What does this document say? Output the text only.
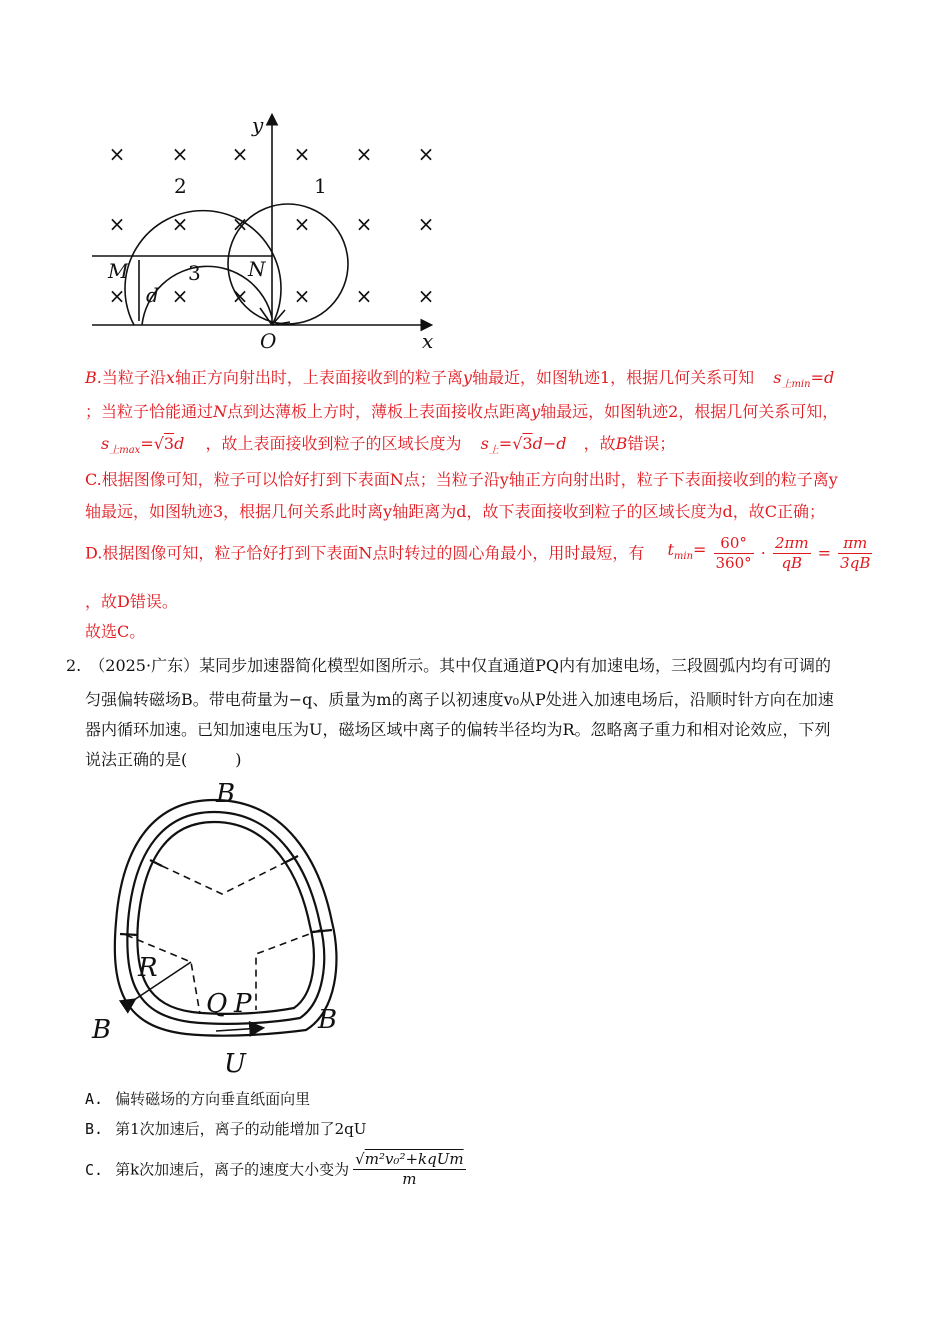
× × × × × ×
× × × × × ×
× × × × × ×
y
x
O
M	N
d
1
2
3
B.当粒子沿x轴正方向射出时，上表面接收到的粒子离y轴最近，如图轨迹1，根据几何关系可知 $s_{上min}=d$
；当粒子恰能通过N点到达薄板上方时，薄板上表面接收点距离y轴最远，如图轨迹2，根据几何关系可知，
$s_{上max}=√3d$ ，故上表面接收到粒子的区域长度为 $s_上=√3d-d$ ，故B错误；
C.根据图像可知，粒子可以恰好打到下表面N点；当粒子沿y轴正方向射出时，粒子下表面接收到的粒子离y
轴最远，如图轨迹3，根据几何关系此时离y轴距离为d，故下表面接收到粒子的区域长度为d，故C正确；
D.根据图像可知，粒子恰好打到下表面N点时转过的圆心角最小，用时最短，有 $t_{min}= \frac{60^\circ}{360^\circ} \cdot \frac{2\pi m}{qB} = \frac{\pi m}{3qB}$
，故D错误。
故选C。
2. （2025·广东）某同步加速器简化模型如图所示。其中仅直通道PQ内有加速电场，三段圆弧内均有可调的
匀强偏转磁场B。带电荷量为−q、质量为m的离子以初速度v₀从P处进入加速电场后，沿顺时针方向在加速
器内循环加速。已知加速电压为U，磁场区域中离子的偏转半径均为R。忽略离子重力和相对论效应，下列
说法正确的是(　　　)
B
B	B
R
Q P
U
A. 偏转磁场的方向垂直纸面向里
B. 第1次加速后，离子的动能增加了2qU
C. 第k次加速后，离子的速度大小变为 $\frac{\text{√m²v₀²+kqUm}}{m}$
